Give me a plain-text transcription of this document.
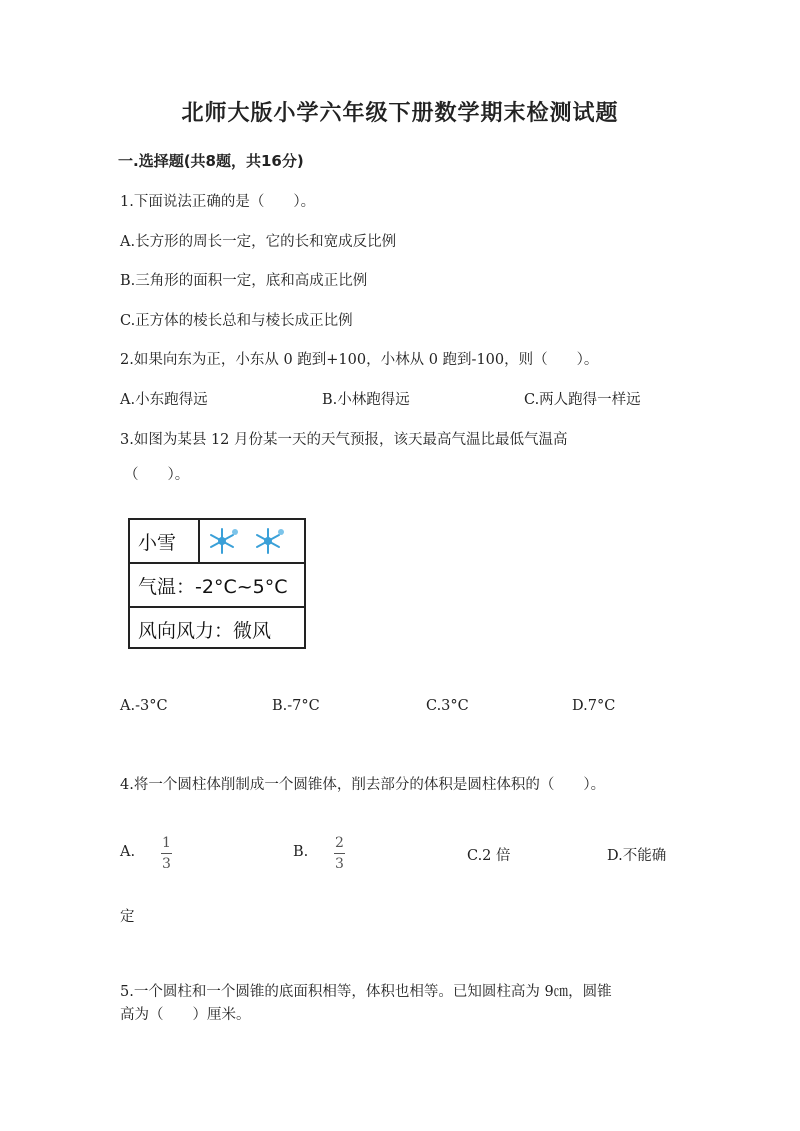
北师大版小学六年级下册数学期末检测试题
一.选择题(共8题，共16分)
1.下面说法正确的是（　　）。
A.长方形的周长一定，它的长和宽成反比例
B.三角形的面积一定，底和高成正比例
C.正方体的棱长总和与棱长成正比例
2.如果向东为正，小东从 0 跑到+100，小林从 0 跑到-100，则（　　）。
A.小东跑得远	B.小林跑得远	C.两人跑得一样远
3.如图为某县 12 月份某一天的天气预报，该天最高气温比最低气温高
（　　）。
小雪
气温：-2°C~5°C
风向风力：微风
A.-3°C	B.-7°C	C.3°C	D.7°C
4.将一个圆柱体削制成一个圆锥体，削去部分的体积是圆柱体积的（　　）。
A.
1
3
B.
2
3	C.2 倍	D.不能确
定
5.一个圆柱和一个圆锥的底面积相等，体积也相等。已知圆柱高为 9㎝，圆锥
高为（　　）厘米。
